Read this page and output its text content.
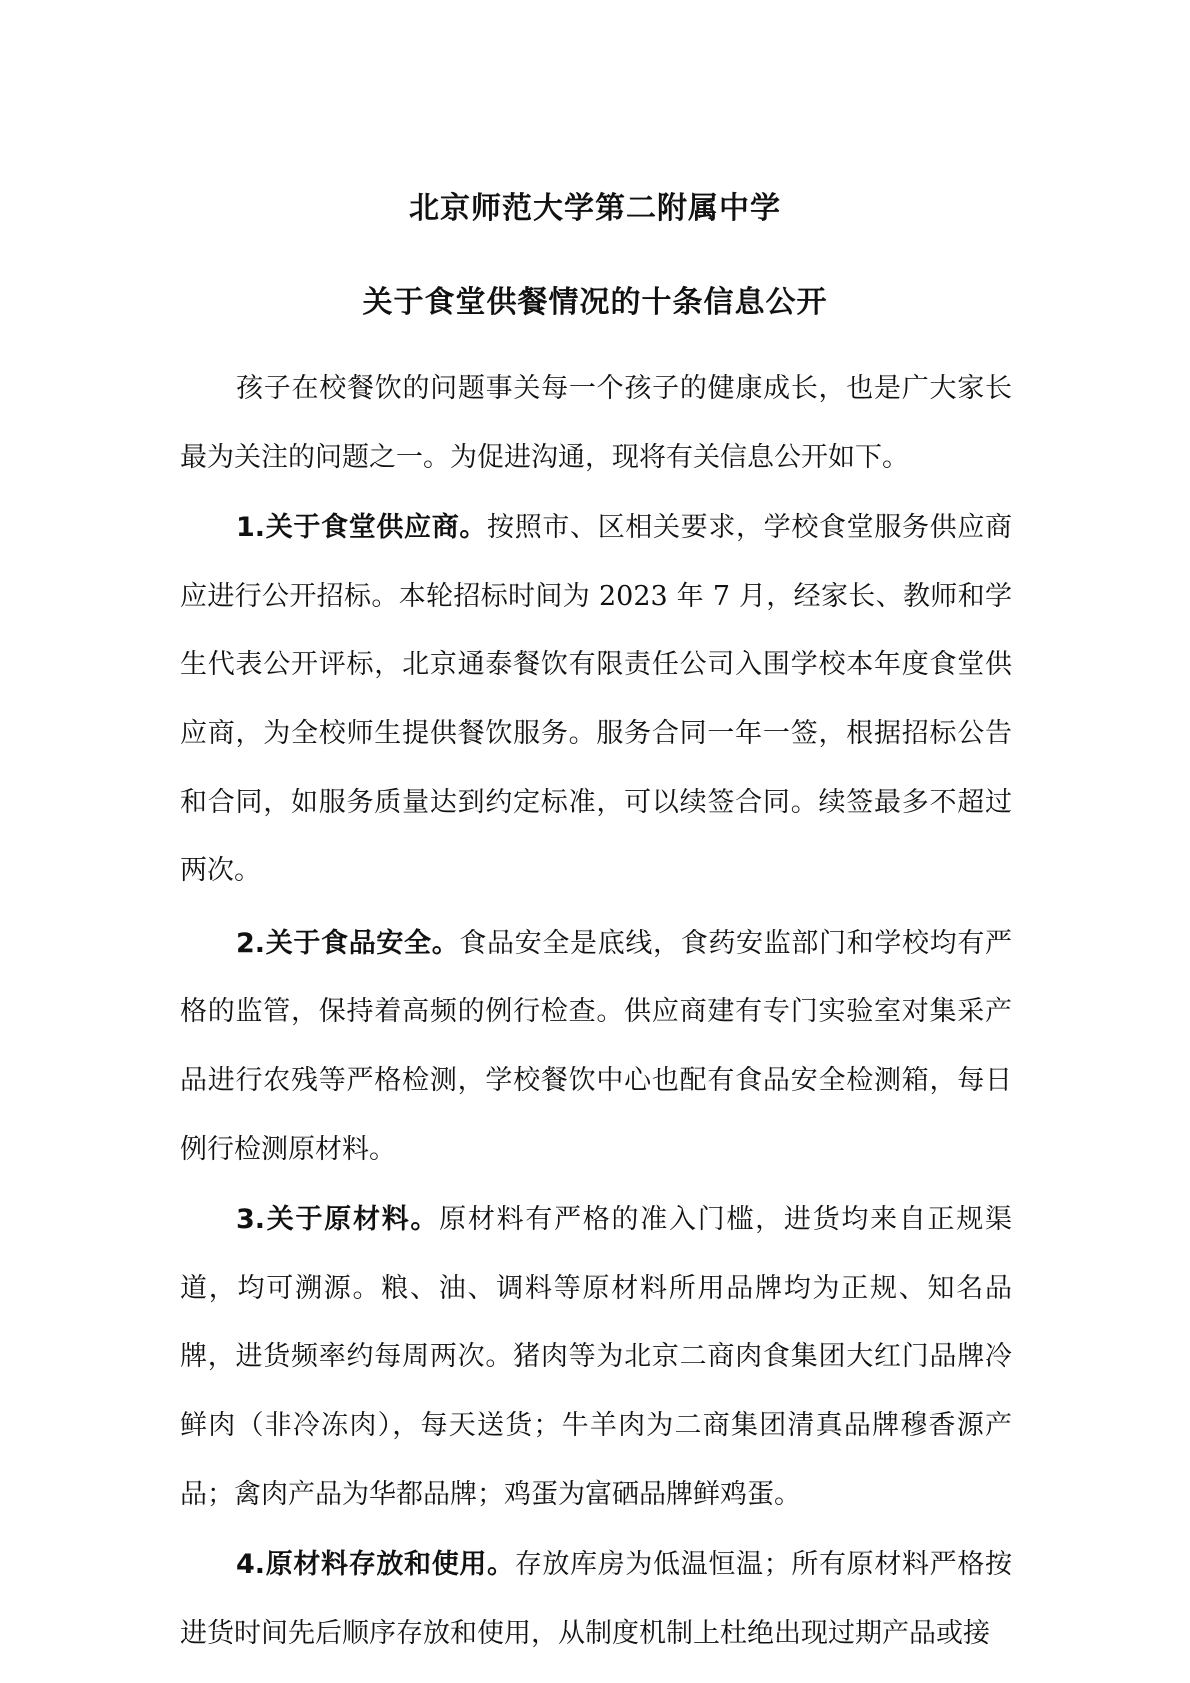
北京师范大学第二附属中学
关于食堂供餐情况的十条信息公开

孩子在校餐饮的问题事关每一个孩子的健康成长，也是广大家长最为关注的问题之一。为促进沟通，现将有关信息公开如下。

1.关于食堂供应商。按照市、区相关要求，学校食堂服务供应商应进行公开招标。本轮招标时间为 2023 年 7 月，经家长、教师和学生代表公开评标，北京通泰餐饮有限责任公司入围学校本年度食堂供应商，为全校师生提供餐饮服务。服务合同一年一签，根据招标公告和合同，如服务质量达到约定标准，可以续签合同。续签最多不超过两次。

2.关于食品安全。食品安全是底线，食药安监部门和学校均有严格的监管，保持着高频的例行检查。供应商建有专门实验室对集采产品进行农残等严格检测，学校餐饮中心也配有食品安全检测箱，每日例行检测原材料。

3.关于原材料。原材料有严格的准入门槛，进货均来自正规渠道，均可溯源。粮、油、调料等原材料所用品牌均为正规、知名品牌，进货频率约每周两次。猪肉等为北京二商肉食集团大红门品牌冷鲜肉（非冷冻肉），每天送货；牛羊肉为二商集团清真品牌穆香源产品；禽肉产品为华都品牌；鸡蛋为富硒品牌鲜鸡蛋。

4.原材料存放和使用。存放库房为低温恒温；所有原材料严格按进货时间先后顺序存放和使用，从制度机制上杜绝出现过期产品或接
